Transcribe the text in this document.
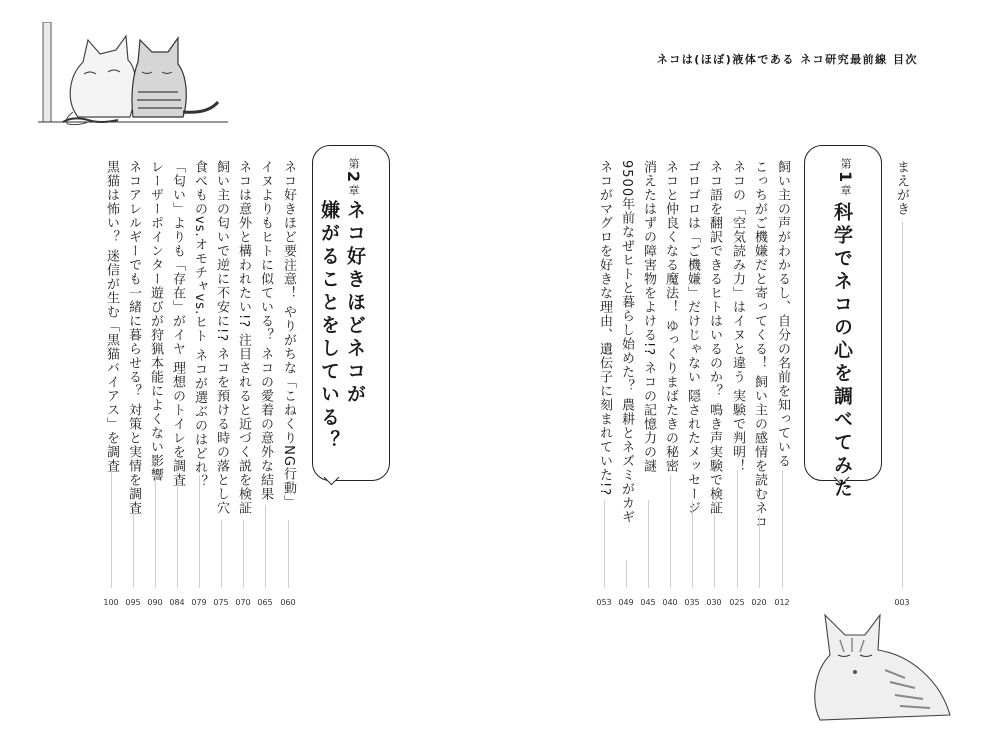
ネコは(ほぼ)液体である ネコ研究最前線 目次
まえがき
003
第1章
科学でネコの心を調べてみた
第2章
ネコ好きほどネコが
嫌がることをしている？	飼い主の声がわかるし、自分の名前を知っている
012
こっちがご機嫌だと寄ってくる！ 飼い主の感情を読むネコ
020
ネコの「空気読み力」はイヌと違う 実験で判明！
025
ネコ語を翻訳できるヒトはいるのか？ 鳴き声実験で検証
030
ゴロゴロは「ご機嫌」だけじゃない 隠されたメッセージ
035
ネコと仲良くなる魔法！ ゆっくりまばたきの秘密
040
消えたはずの障害物をよける!? ネコの記憶力の謎
045
9500年前なぜヒトと暮らし始めた？ 農耕とネズミがカギ
049
ネコがマグロを好きな理由、遺伝子に刻まれていた!?
053
ネコ好きほど要注意！ やりがちな「こねくりNG行動」
060
イヌよりもヒトに似ている？ ネコの愛着の意外な結果
065
ネコは意外と構われたい!? 注目されると近づく説を検証
070
飼い主の匂いで逆に不安に!? ネコを預ける時の落とし穴
075
食べものvs.オモチャvs.ヒト ネコが選ぶのはどれ？
079
「匂い」よりも「存在」がイヤ 理想のトイレを調査
084
レーザーポインター遊びが狩猟本能によくない影響
090
ネコアレルギーでも一緒に暮らせる？ 対策と実情を調査
095
黒猫は怖い？ 迷信が生む「黒猫バイアス」を調査
100
